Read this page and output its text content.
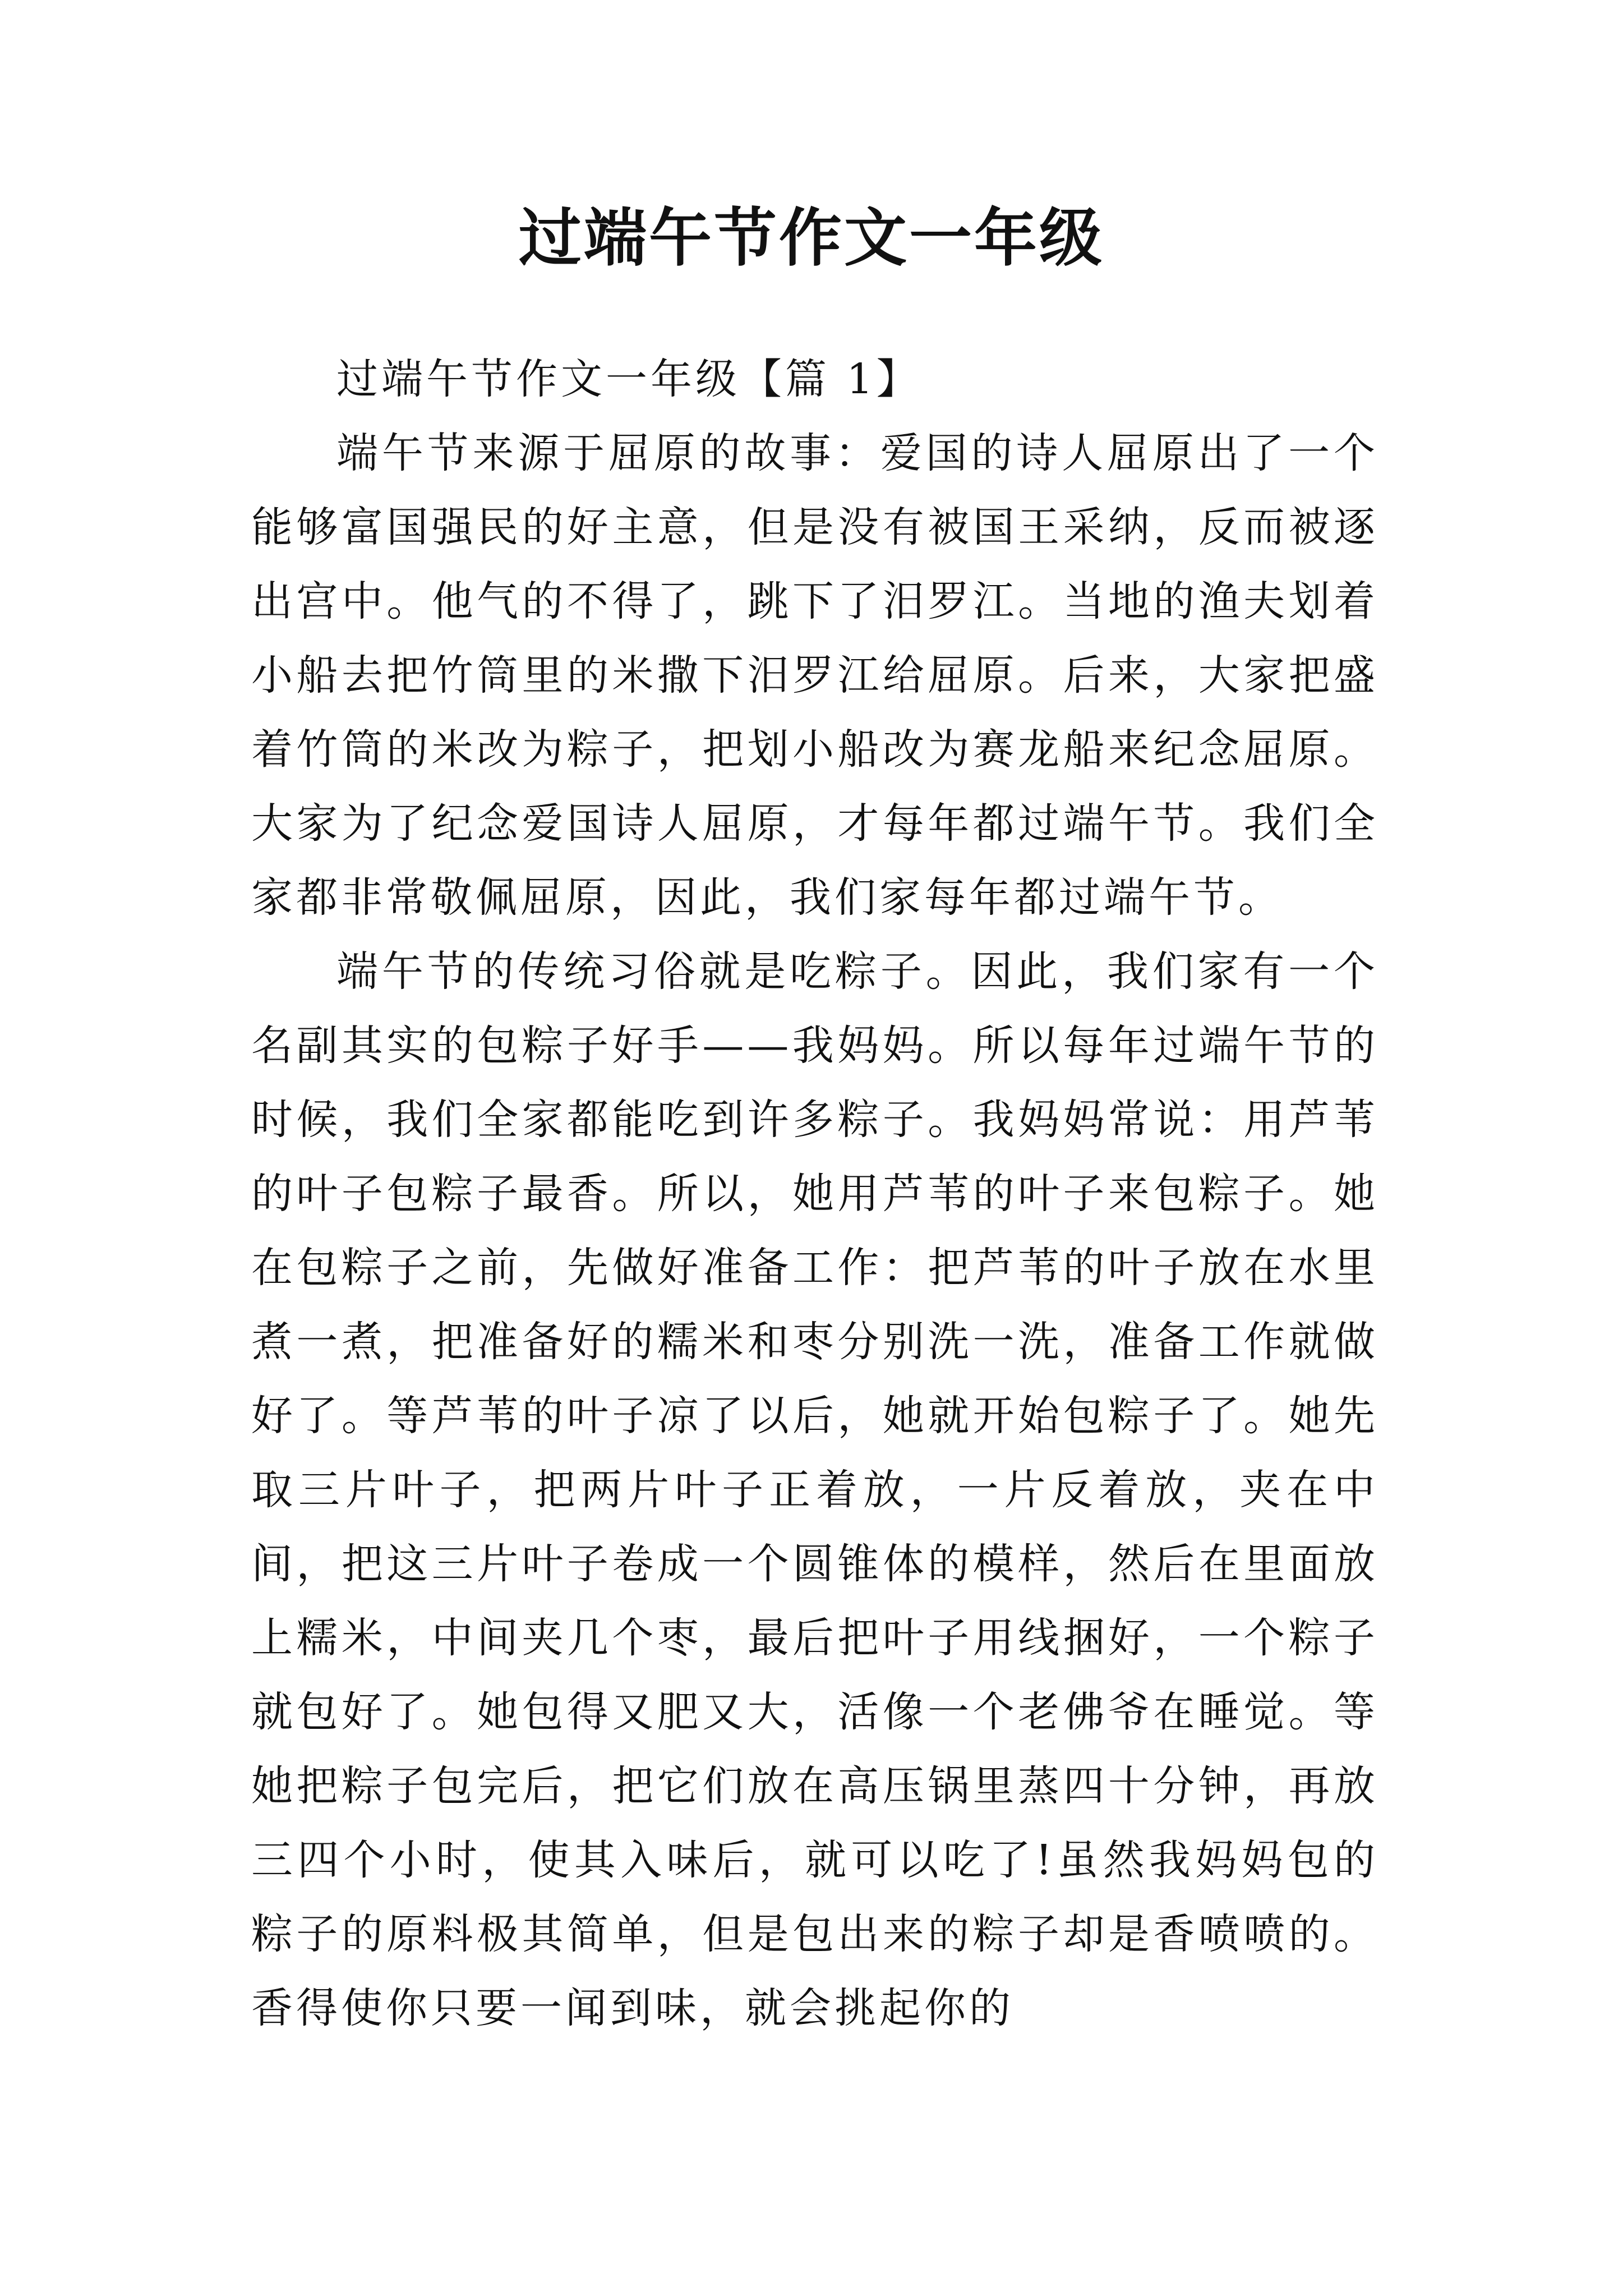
过端午节作文一年级

过端午节作文一年级【篇 1】

端午节来源于屈原的故事：爱国的诗人屈原出了一个能够富国强民的好主意，但是没有被国王采纳，反而被逐出宫中。他气的不得了，跳下了汨罗江。当地的渔夫划着小船去把竹筒里的米撒下汨罗江给屈原。后来，大家把盛着竹筒的米改为粽子，把划小船改为赛龙船来纪念屈原。大家为了纪念爱国诗人屈原，才每年都过端午节。我们全家都非常敬佩屈原，因此，我们家每年都过端午节。

端午节的传统习俗就是吃粽子。因此，我们家有一个名副其实的包粽子好手——我妈妈。所以每年过端午节的时候，我们全家都能吃到许多粽子。我妈妈常说：用芦苇的叶子包粽子最香。所以，她用芦苇的叶子来包粽子。她在包粽子之前，先做好准备工作：把芦苇的叶子放在水里煮一煮，把准备好的糯米和枣分别洗一洗，准备工作就做好了。等芦苇的叶子凉了以后，她就开始包粽子了。她先取三片叶子，把两片叶子正着放，一片反着放，夹在中间，把这三片叶子卷成一个圆锥体的模样，然后在里面放上糯米，中间夹几个枣，最后把叶子用线捆好，一个粽子就包好了。她包得又肥又大，活像一个老佛爷在睡觉。等她把粽子包完后，把它们放在高压锅里蒸四十分钟，再放三四个小时，使其入味后，就可以吃了!虽然我妈妈包的粽子的原料极其简单，但是包出来的粽子却是香喷喷的。香得使你只要一闻到味，就会挑起你的
